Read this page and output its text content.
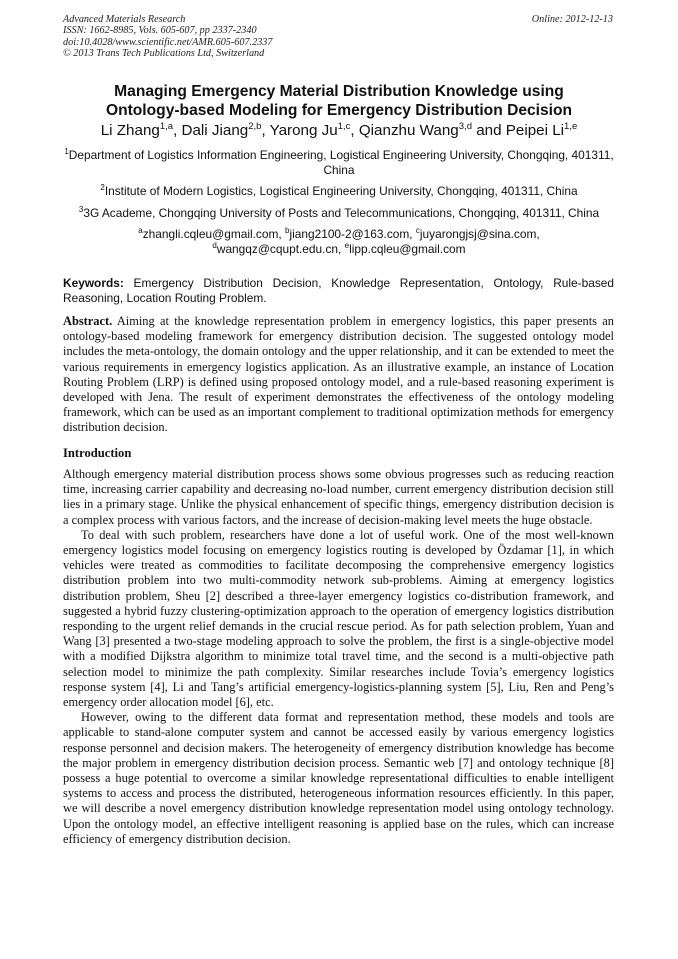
Advanced Materials Research
ISSN: 1662-8985, Vols. 605-607, pp 2337-2340
doi:10.4028/www.scientific.net/AMR.605-607.2337
© 2013 Trans Tech Publications Ltd, Switzerland
Online: 2012-12-13
Managing Emergency Material Distribution Knowledge using
Ontology-based Modeling for Emergency Distribution Decision
Li Zhang$^{1,a}$, Dali Jiang$^{2,b}$, Yarong Ju$^{1,c}$, Qianzhu Wang$^{3,d}$ and Peipei Li$^{1,e}$
$^1$Department of Logistics Information Engineering, Logistical Engineering University, Chongqing, 401311, China
$^2$Institute of Modern Logistics, Logistical Engineering University, Chongqing, 401311, China
$^3$3G Academe, Chongqing University of Posts and Telecommunications, Chongqing, 401311, China
$^a$zhangli.cqleu@gmail.com, $^b$jiang2100-2@163.com, $^c$juyarongjsj@sina.com,
$^d$wangqz@cqupt.edu.cn, $^e$lipp.cqleu@gmail.com
Keywords: Emergency Distribution Decision, Knowledge Representation, Ontology, Rule-based Reasoning, Location Routing Problem.
Abstract. Aiming at the knowledge representation problem in emergency logistics, this paper presents an ontology-based modeling framework for emergency distribution decision. The suggested ontology model includes the meta-ontology, the domain ontology and the upper relationship, and it can be extended to meet the various requirements in emergency logistics application. As an illustrative example, an instance of Location Routing Problem (LRP) is defined using proposed ontology model, and a rule-based reasoning experiment is developed with Jena. The result of experiment demonstrates the effectiveness of the ontology modeling framework, which can be used as an important complement to traditional optimization methods for emergency distribution decision.
Introduction

Although emergency material distribution process shows some obvious progresses such as reducing reaction time, increasing carrier capability and decreasing no-load number, current emergency distribution decision still lies in a primary stage. Unlike the physical enhancement of specific things, emergency distribution decision is a complex process with various factors, and the increase of decision-making level meets the huge obstacle.

To deal with such problem, researchers have done a lot of useful work. One of the most well-known emergency logistics model focusing on emergency logistics routing is developed by Özdamar [1], in which vehicles were treated as commodities to facilitate decomposing the comprehensive emergency logistics distribution problem into two multi-commodity network sub-problems. Aiming at emergency logistics distribution problem, Sheu [2] described a three-layer emergency logistics co-distribution framework, and suggested a hybrid fuzzy clustering-optimization approach to the operation of emergency logistics distribution responding to the urgent relief demands in the crucial rescue period. As for path selection problem, Yuan and Wang [3] presented a two-stage modeling approach to solve the problem, the first is a single-objective model with a modified Dijkstra algorithm to minimize total travel time, and the second is a multi-objective path selection model to minimize the path complexity. Similar researches include Tovia’s emergency logistics response system [4], Li and Tang’s artificial emergency-logistics-planning system [5], Liu, Ren and Peng’s emergency order allocation model [6], etc.

However, owing to the different data format and representation method, these models and tools are applicable to stand-alone computer system and cannot be accessed easily by various emergency logistics response personnel and decision makers. The heterogeneity of emergency distribution knowledge has become the major problem in emergency distribution decision process. Semantic web [7] and ontology technique [8] possess a huge potential to overcome a similar knowledge representational difficulties to enable intelligent systems to access and process the distributed, heterogeneous information resources efficiently. In this paper, we will describe a novel emergency distribution knowledge representation model using ontology technology. Upon the ontology model, an effective intelligent reasoning is applied base on the rules, which can increase efficiency of emergency distribution decision.
